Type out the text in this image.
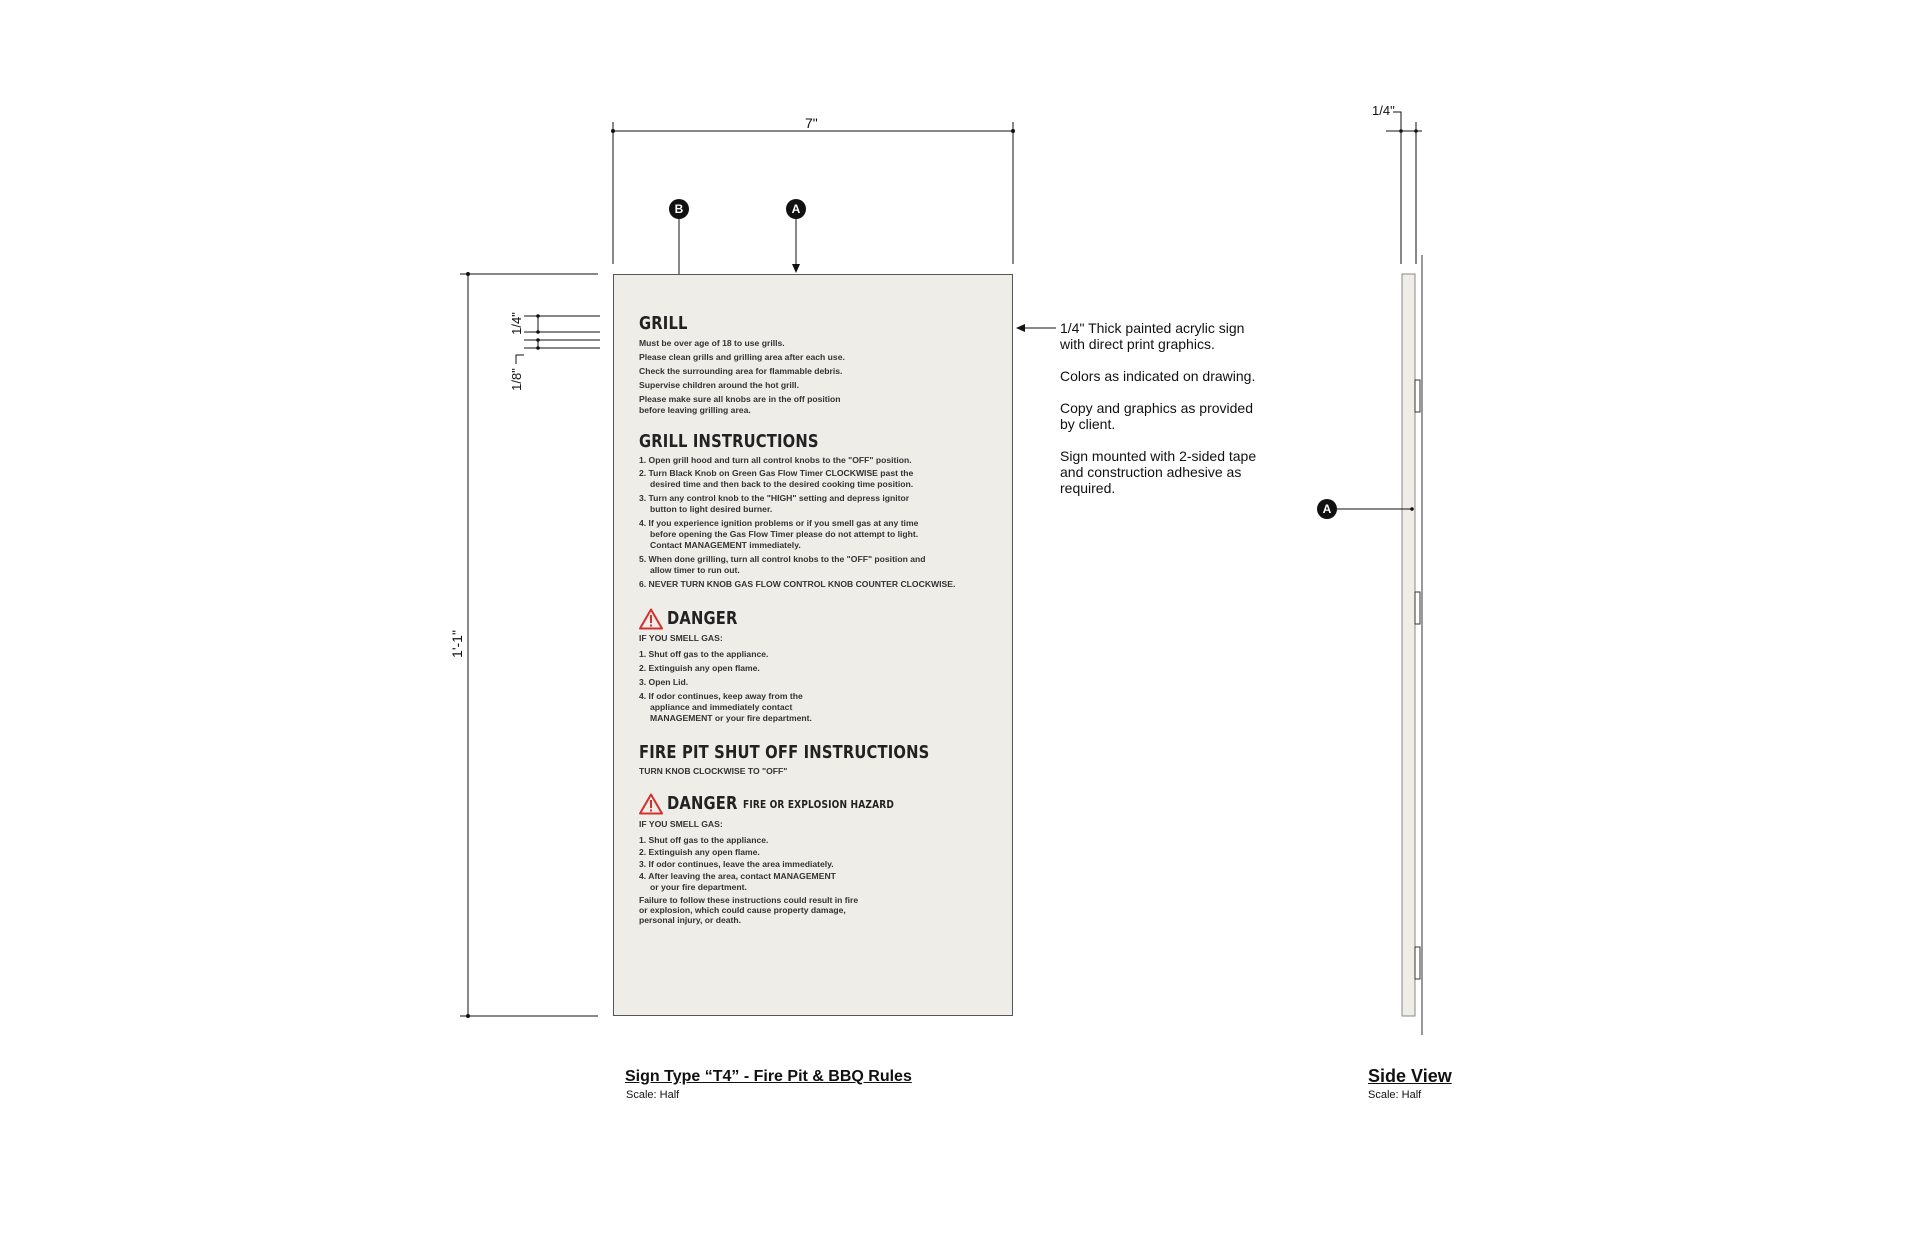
7"
1'-1"
1/4"
1/8"
1/4"
B	A
A

GRILL

Must be over age of 18 to use grills.

Please clean grills and grilling area after each use.

Check the surrounding area for flammable debris.

Supervise children around the hot grill.

Please make sure all knobs are in the off position

before leaving grilling area.

GRILL INSTRUCTIONS

1. Open grill hood and turn all control knobs to the "OFF" position.

2. Turn Black Knob on Green Gas Flow Timer CLOCKWISE past the

desired time and then back to the desired cooking time position.

3. Turn any control knob to the "HIGH" setting and depress ignitor

button to light desired burner.

4. If you experience ignition problems or if you smell gas at any time

before opening the Gas Flow Timer please do not attempt to light.

Contact MANAGEMENT immediately.

5. When done grilling, turn all control knobs to the "OFF" position and

allow timer to run out.

6. NEVER TURN KNOB GAS FLOW CONTROL KNOB COUNTER CLOCKWISE.

DANGER

IF YOU SMELL GAS:

1. Shut off gas to the appliance.

2. Extinguish any open flame.

3. Open Lid.

4. If odor continues, keep away from the

appliance and immediately contact

MANAGEMENT or your fire department.

FIRE PIT SHUT OFF INSTRUCTIONS

TURN KNOB CLOCKWISE TO "OFF"

DANGER FIRE OR EXPLOSION HAZARD

IF YOU SMELL GAS:

1. Shut off gas to the appliance.

2. Extinguish any open flame.

3. If odor continues, leave the area immediately.

4. After leaving the area, contact MANAGEMENT

or your fire department.

Failure to follow these instructions could result in fire

or explosion, which could cause property damage,

personal injury, or death.

1/4" Thick painted acrylic sign
with direct print graphics.

Colors as indicated on drawing.

Copy and graphics as provided
by client.

Sign mounted with 2-sided tape
and construction adhesive as
required.

Sign Type “T4” - Fire Pit & BBQ Rules
Scale: Half
Side View
Scale: Half
